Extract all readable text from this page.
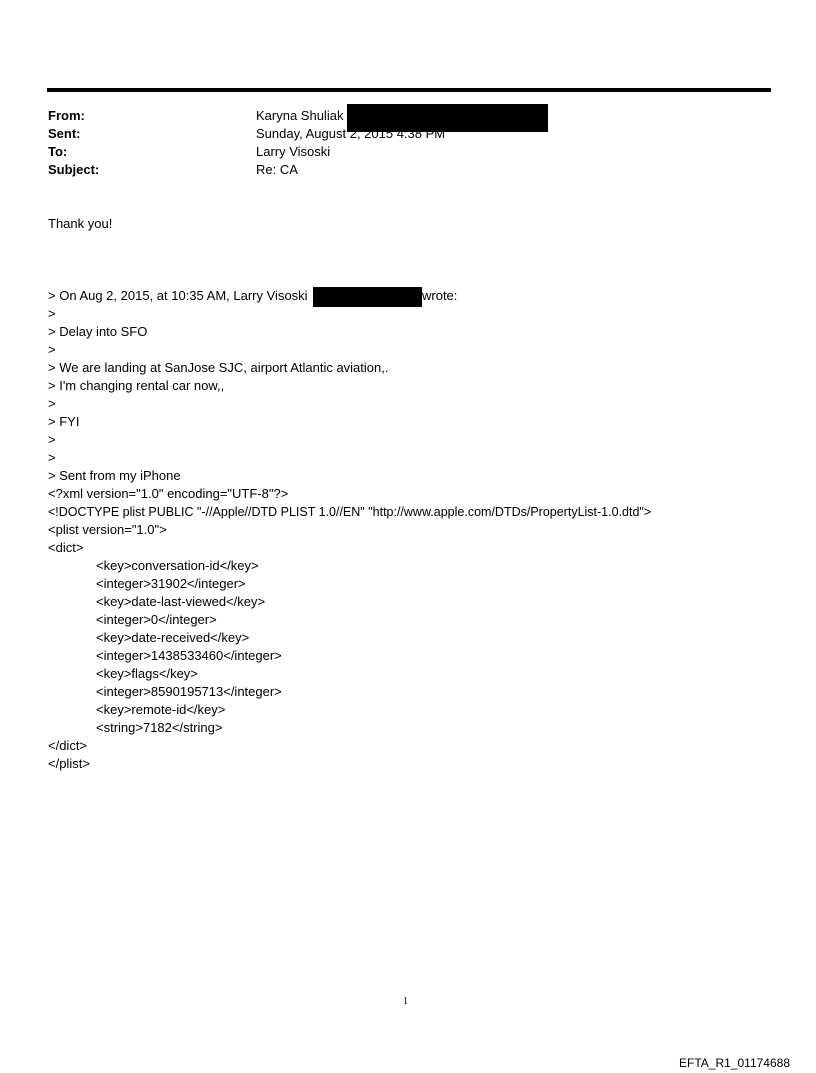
From:	Karyna Shuliak
Sent:	Sunday, August 2, 2015 4:38 PM
To:	Larry Visoski
Subject:	Re: CA
Thank you!
> On Aug 2, 2015, at 10:35 AM, Larry Visoski	wrote:
>
> Delay into SFO
>
> We are landing at SanJose SJC, airport Atlantic aviation,.
> I'm changing rental car now,,
>
> FYI
>
>
> Sent from my iPhone
<?xml version="1.0" encoding="UTF-8"?>
<!DOCTYPE plist PUBLIC "-//Apple//DTD PLIST 1.0//EN" "http://www.apple.com/DTDs/PropertyList-1.0.dtd">
<plist version="1.0">
<dict>
<key>conversation-id</key>
<integer>31902</integer>
<key>date-last-viewed</key>
<integer>0</integer>
<key>date-received</key>
<integer>1438533460</integer>
<key>flags</key>
<integer>8590195713</integer>
<key>remote-id</key>
<string>7182</string>
</dict>
</plist>
1
EFTA_R1_01174688
